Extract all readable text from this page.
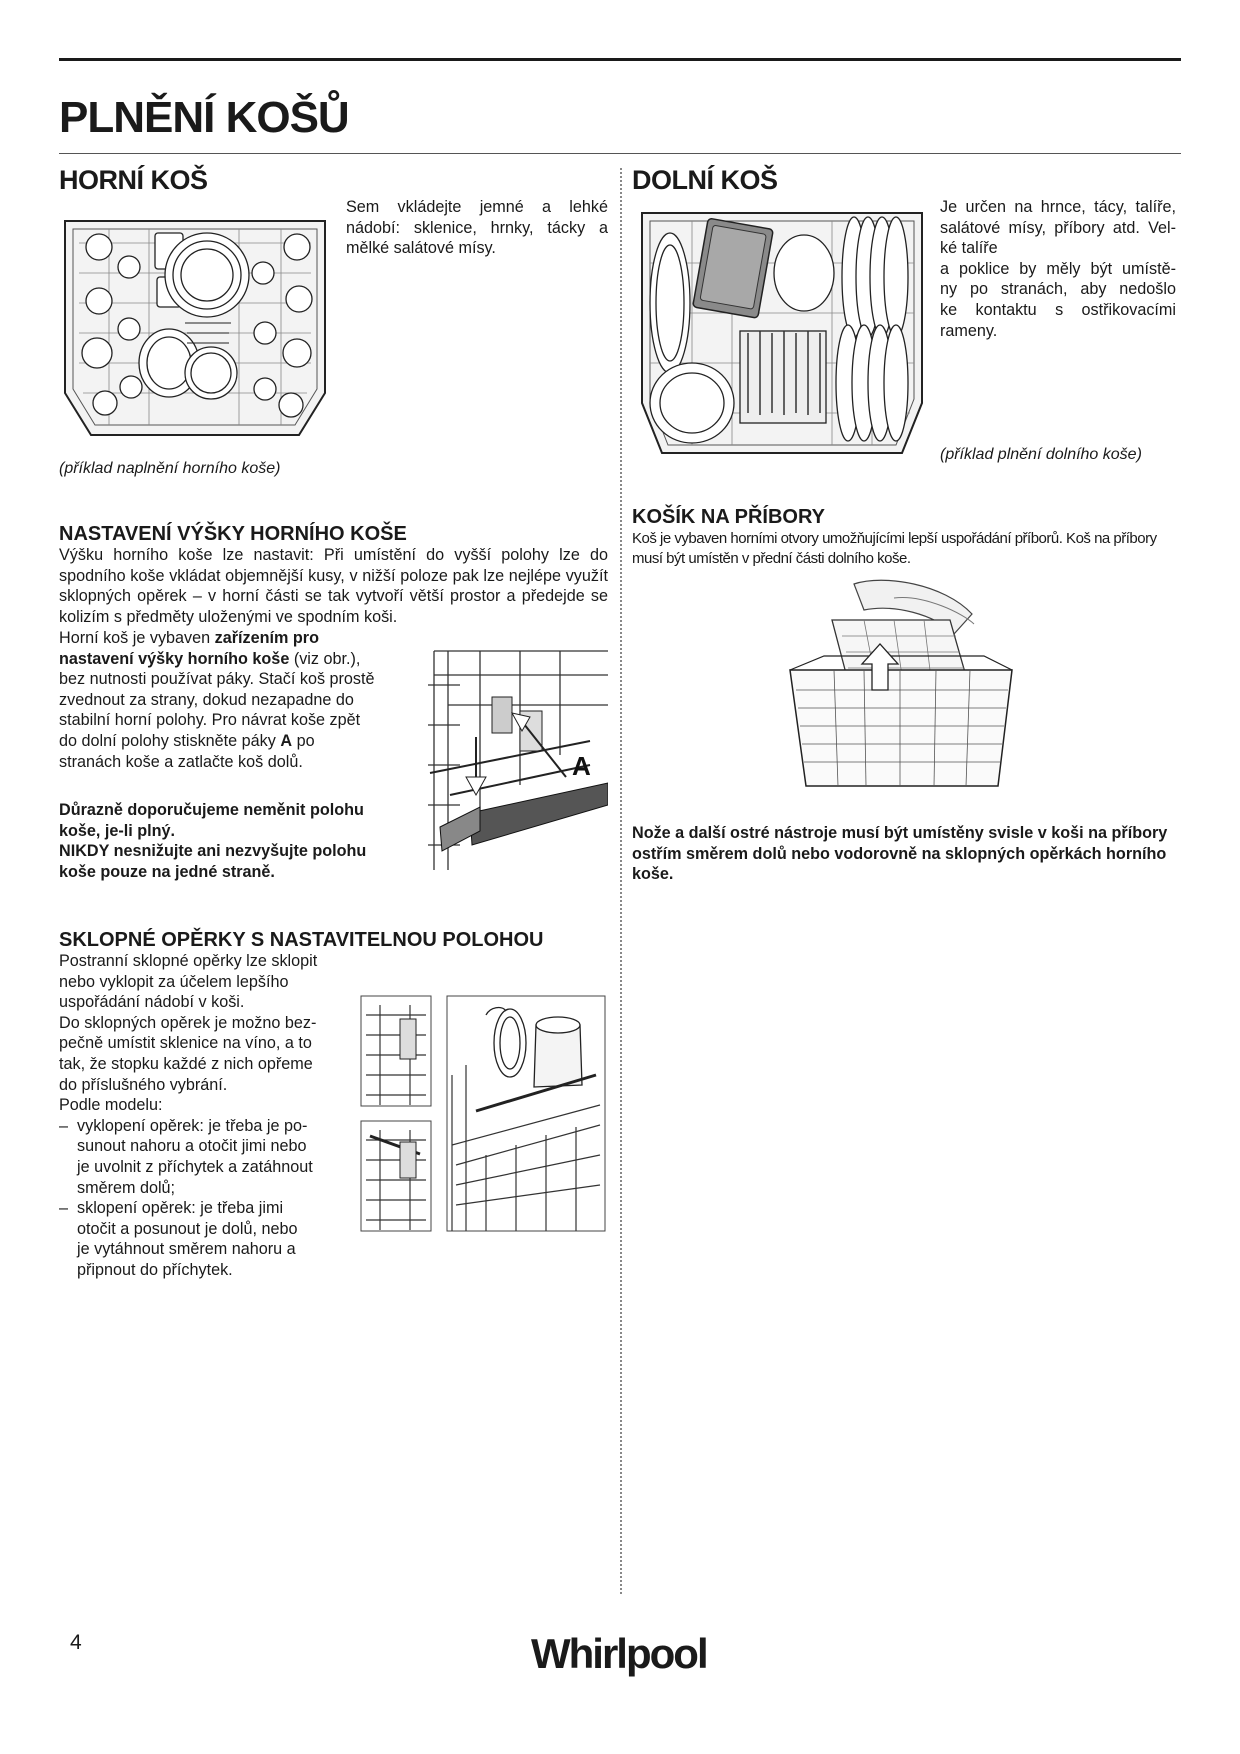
PLNĚNÍ KOŠŮ
HORNÍ KOŠ

Sem vkládejte jemné a lehké nádobí: sklenice, hrnky, tácky a mělké salátové mísy.

(příklad naplnění horního koše)

DOLNÍ KOŠ
Je určen na hrnce, tácy, talíře,
salátové mísy, příbory atd. Vel-
ké talíře
a poklice by měly být umístě-
ny po stranách, aby nedošlo
ke kontaktu s ostřikovacími
rameny.

(příklad plnění dolního koše)

NASTAVENÍ VÝŠKY HORNÍHO KOŠE

Výšku horního koše lze nastavit: Při umístění do vyšší polohy lze do spodního koše vkládat objemnější kusy, v nižší poloze pak lze nejlépe využít sklopných opěrek – v horní části se tak vytvoří větší prostor a předejde se kolizím s předměty uloženými ve spodním koši.

Horní koš je vybaven zařízením pro nastavení výšky horního koše (viz obr.), bez nutnosti používat páky. Stačí koš prostě zvednout za strany, dokud nezapadne do stabilní horní polohy. Pro návrat koše zpět do dolní polohy stiskněte páky A po stranách koše a zatlačte koš dolů.

Důrazně doporučujeme neměnit polohu koše, je-li plný.

NIKDY nesnižujte ani nezvyšujte polohu koše pouze na jedné straně.

A
KOŠÍK NA PŘÍBORY

Koš je vybaven horními otvory umožňujícími lepší uspořádání příborů. Koš na příbory musí být umístěn v přední části dolního koše.

Nože a další ostré nástroje musí být umístěny svisle v koši na příbory ostřím směrem dolů nebo vodorovně na sklopných opěrkách horního koše.

SKLOPNÉ OPĚRKY S NASTAVITELNOU POLOHOU
Postranní sklopné opěrky lze sklopit
nebo vyklopit za účelem lepšího
uspořádání nádobí v koši.
Do sklopných opěrek je možno bez-
pečně umístit sklenice na víno, a to
tak, že stopku každé z nich opřeme
do příslušného vybrání.
Podle modelu:
– vyklopení opěrek: je třeba je po-
sunout nahoru a otočit jimi nebo
je uvolnit z příchytek a zatáhnout
směrem dolů;
– sklopení opěrek: je třeba jimi
otočit a posunout je dolů, nebo
je vytáhnout směrem nahoru a
připnout do příchytek.
4	Whirlpool
